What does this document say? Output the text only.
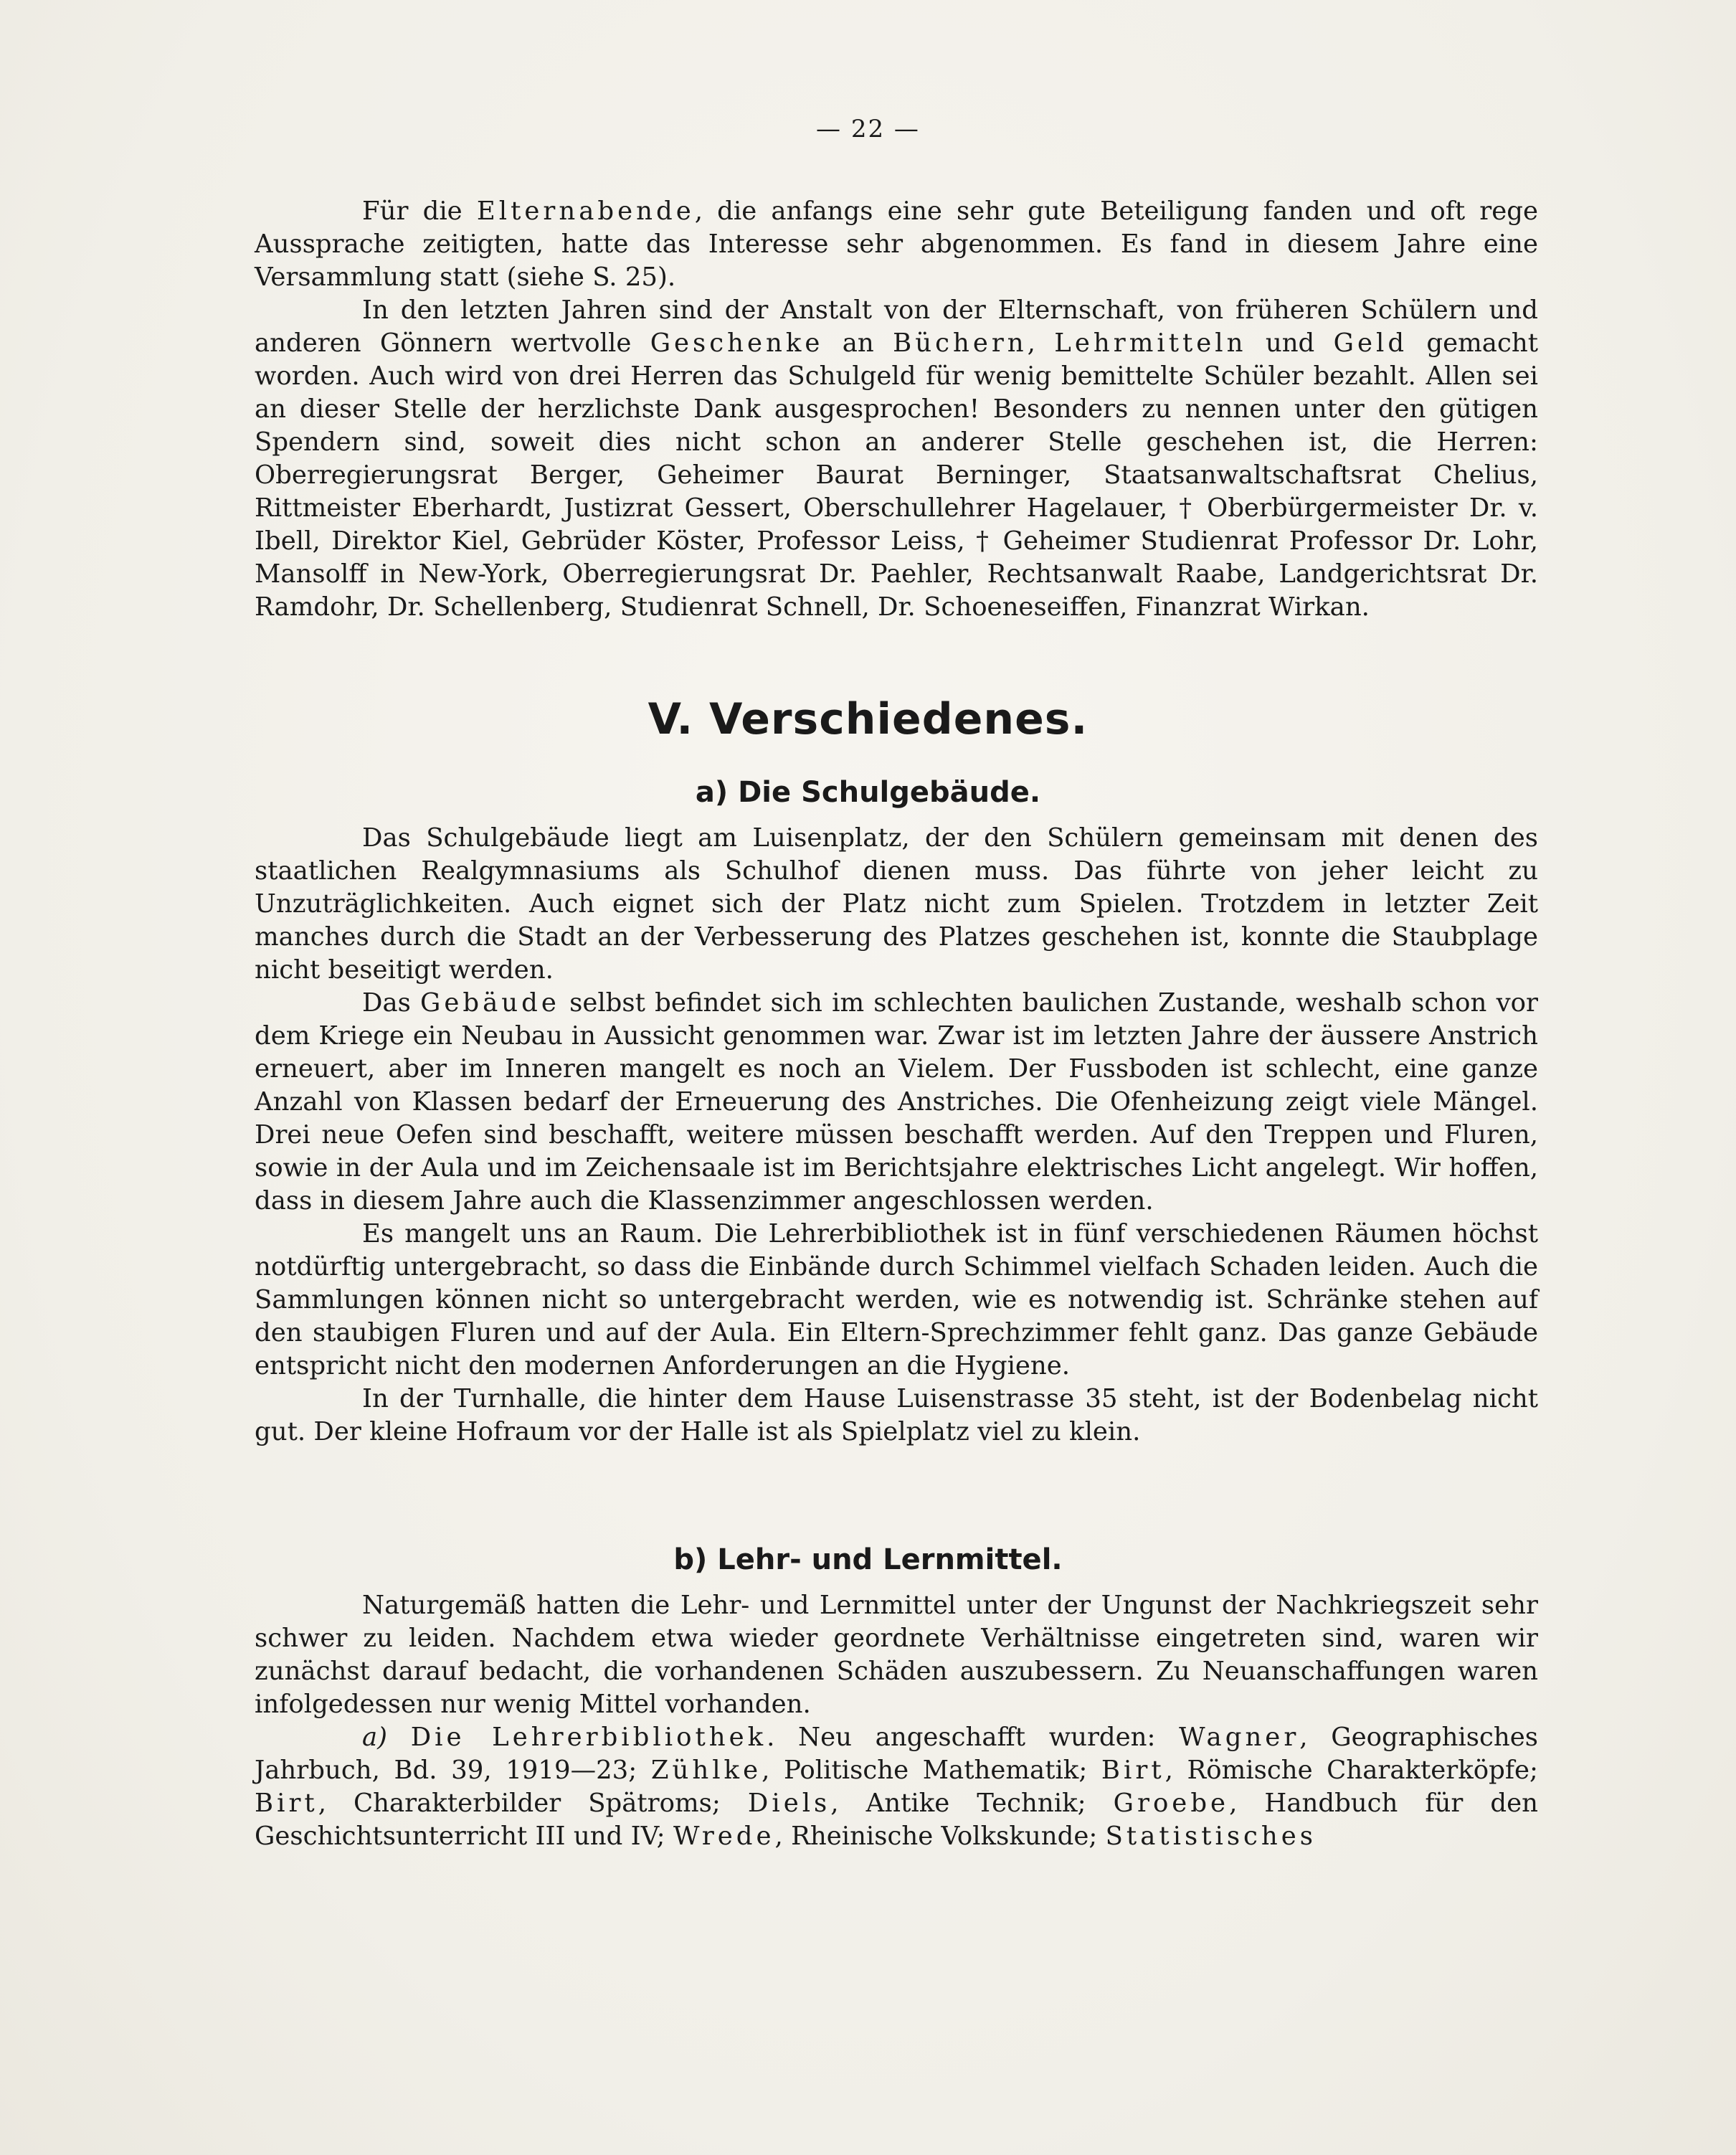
— 22 —

Für die Elternabende, die anfangs eine sehr gute Beteiligung fanden und oft rege Aussprache zeitigten, hatte das Interesse sehr abgenommen. Es fand in diesem Jahre eine Versammlung statt (siehe S. 25).

In den letzten Jahren sind der Anstalt von der Elternschaft, von früheren Schülern und anderen Gönnern wertvolle Geschenke an Büchern, Lehrmitteln und Geld gemacht worden. Auch wird von drei Herren das Schulgeld für wenig bemittelte Schüler bezahlt. Allen sei an dieser Stelle der herzlichste Dank ausgesprochen! Besonders zu nennen unter den gütigen Spendern sind, soweit dies nicht schon an anderer Stelle geschehen ist, die Herren: Oberregierungsrat Berger, Geheimer Baurat Berninger, Staatsanwaltschaftsrat Chelius, Rittmeister Eberhardt, Justizrat Gessert, Oberschullehrer Hagelauer, † Oberbürgermeister Dr. v. Ibell, Direktor Kiel, Gebrüder Köster, Professor Leiss, † Geheimer Studienrat Professor Dr. Lohr, Mansolff in New-York, Oberregierungsrat Dr. Paehler, Rechtsanwalt Raabe, Landgerichtsrat Dr. Ramdohr, Dr. Schellenberg, Studienrat Schnell, Dr. Schoeneseiffen, Finanzrat Wirkan.

V. Verschiedenes.
a) Die Schulgebäude.

Das Schulgebäude liegt am Luisenplatz, der den Schülern gemeinsam mit denen des staatlichen Realgymnasiums als Schulhof dienen muss. Das führte von jeher leicht zu Unzuträglichkeiten. Auch eignet sich der Platz nicht zum Spielen. Trotzdem in letzter Zeit manches durch die Stadt an der Verbesserung des Platzes geschehen ist, konnte die Staubplage nicht beseitigt werden.

Das Gebäude selbst befindet sich im schlechten baulichen Zustande, weshalb schon vor dem Kriege ein Neubau in Aussicht genommen war. Zwar ist im letzten Jahre der äussere Anstrich erneuert, aber im Inneren mangelt es noch an Vielem. Der Fussboden ist schlecht, eine ganze Anzahl von Klassen bedarf der Erneuerung des Anstriches. Die Ofenheizung zeigt viele Mängel. Drei neue Oefen sind beschafft, weitere müssen beschafft werden. Auf den Treppen und Fluren, sowie in der Aula und im Zeichensaale ist im Berichtsjahre elektrisches Licht angelegt. Wir hoffen, dass in diesem Jahre auch die Klassenzimmer angeschlossen werden.

Es mangelt uns an Raum. Die Lehrerbibliothek ist in fünf verschiedenen Räumen höchst notdürftig untergebracht, so dass die Einbände durch Schimmel vielfach Schaden leiden. Auch die Sammlungen können nicht so untergebracht werden, wie es notwendig ist. Schränke stehen auf den staubigen Fluren und auf der Aula. Ein Eltern-Sprechzimmer fehlt ganz. Das ganze Gebäude entspricht nicht den modernen Anforderungen an die Hygiene.

In der Turnhalle, die hinter dem Hause Luisenstrasse 35 steht, ist der Bodenbelag nicht gut. Der kleine Hofraum vor der Halle ist als Spielplatz viel zu klein.

b) Lehr- und Lernmittel.

Naturgemäß hatten die Lehr- und Lernmittel unter der Ungunst der Nachkriegszeit sehr schwer zu leiden. Nachdem etwa wieder geordnete Verhältnisse eingetreten sind, waren wir zunächst darauf bedacht, die vorhandenen Schäden auszubessern. Zu Neuanschaffungen waren infolgedessen nur wenig Mittel vorhanden.

a) Die Lehrerbibliothek. Neu angeschafft wurden: Wagner, Geographisches Jahrbuch, Bd. 39, 1919—23; Zühlke, Politische Mathematik; Birt, Römische Charakterköpfe; Birt, Charakterbilder Spätroms; Diels, Antike Technik; Groebe, Handbuch für den Geschichtsunterricht III und IV; Wrede, Rheinische Volkskunde; Statistisches
